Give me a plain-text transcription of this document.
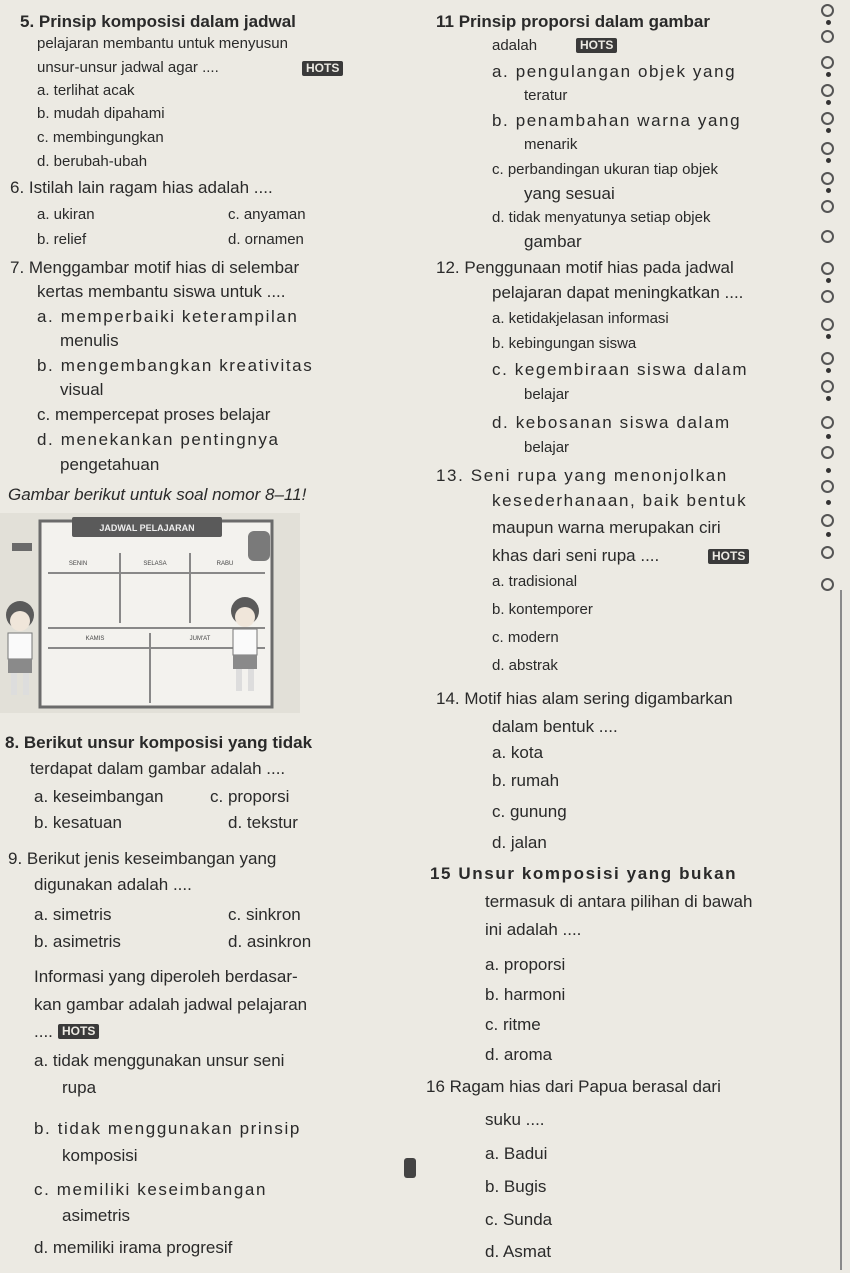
5. Prinsip komposisi dalam jadwal
pelajaran membantu untuk menyusun
unsur-unsur jadwal agar ....	HOTS
a. terlihat acak
b. mudah dipahami
c. membingungkan
d. berubah-ubah
6. Istilah lain ragam hias adalah ....
a. ukiran	c. anyaman
b. relief	d. ornamen
7. Menggambar motif hias di selembar
kertas membantu siswa untuk ....
a. memperbaiki keterampilan
menulis
b. mengembangkan kreativitas
visual
c. mempercepat proses belajar
d. menekankan pentingnya
pengetahuan
Gambar berikut untuk soal nomor 8–11!
JADWAL PELAJARAN
SENIN	SELASA	RABU
KAMIS	JUM'AT
8. Berikut unsur komposisi yang tidak
terdapat dalam gambar adalah ....
a. keseimbangan	c. proporsi
b. kesatuan	d. tekstur
9. Berikut jenis keseimbangan yang
digunakan adalah ....
a. simetris	c. sinkron
b. asimetris	d. asinkron
Informasi yang diperoleh berdasar-
kan gambar adalah jadwal pelajaran
.... HOTS
a. tidak menggunakan unsur seni
rupa
b. tidak menggunakan prinsip
komposisi
c. memiliki keseimbangan
asimetris
d. memiliki irama progresif
11 Prinsip proporsi dalam gambar
adalah	HOTS
a. pengulangan objek yang
teratur
b. penambahan warna yang
menarik
c. perbandingan ukuran tiap objek
yang sesuai
d. tidak menyatunya setiap objek
gambar
12. Penggunaan motif hias pada jadwal
pelajaran dapat meningkatkan ....
a. ketidakjelasan informasi
b. kebingungan siswa
c. kegembiraan siswa dalam
belajar
d. kebosanan siswa dalam
belajar
13. Seni rupa yang menonjolkan
kesederhanaan, baik bentuk
maupun warna merupakan ciri
khas dari seni rupa ....	HOTS
a. tradisional
b. kontemporer
c. modern
d. abstrak
14. Motif hias alam sering digambarkan
dalam bentuk ....
a. kota
b. rumah
c. gunung
d. jalan
15 Unsur komposisi yang bukan
termasuk di antara pilihan di bawah
ini adalah ....
a. proporsi
b. harmoni
c. ritme
d. aroma
16 Ragam hias dari Papua berasal dari
suku ....
a. Badui
b. Bugis
c. Sunda
d. Asmat
